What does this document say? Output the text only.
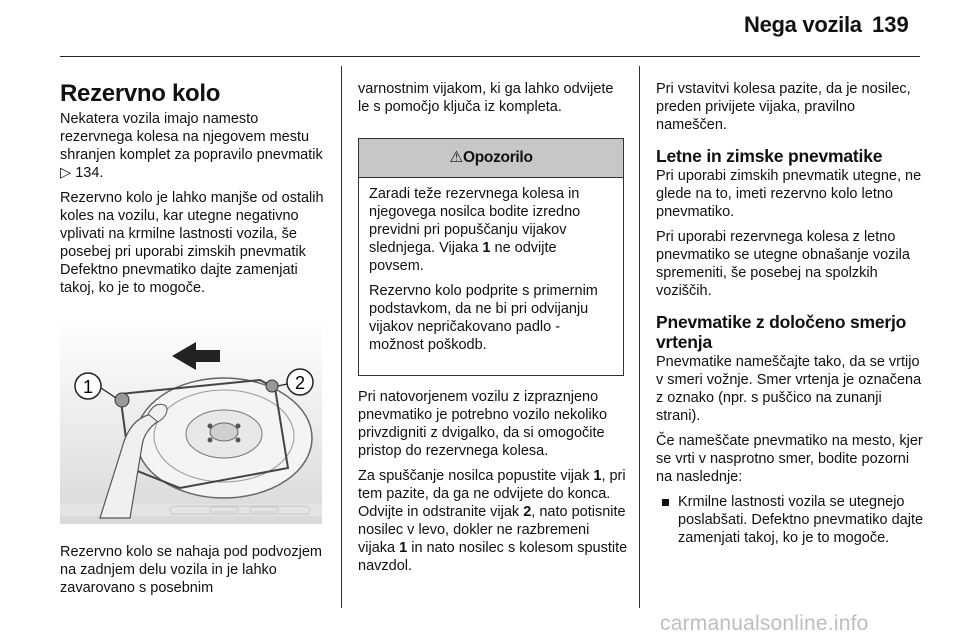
Nega vozila 139
Rezervno kolo

Nekatera vozila imajo namesto rezervnega kolesa na njegovem mestu shranjen komplet za popravilo pnevmatik ▷ 134.

Rezervno kolo je lahko manjše od ostalih koles na vozilu, kar utegne negativno vplivati na krmilne lastnosti vozila, še posebej pri uporabi zimskih pnevmatik Defektno pnevmatiko dajte zamenjati takoj, ko je to mogoče.

1	2

Rezervno kolo se nahaja pod podvozjem na zadnjem delu vozila in je lahko zavarovano s posebnim

varnostnim vijakom, ki ga lahko odvijete le s pomočjo ključa iz kompleta.

⚠Opozorilo

Zaradi teže rezervnega kolesa in njegovega nosilca bodite izredno previdni pri popuščanju vijakov slednjega. Vijaka 1 ne odvijte povsem.

Rezervno kolo podprite s primernim podstavkom, da ne bi pri odvijanju vijakov nepričakovano padlo - možnost poškodb.

Pri natovorjenem vozilu z izpraznjeno pnevmatiko je potrebno vozilo nekoliko privzdigniti z dvigalko, da si omogočite pristop do rezervnega kolesa.

Za spuščanje nosilca popustite vijak 1, pri tem pazite, da ga ne odvijete do konca. Odvijte in odstranite vijak 2, nato potisnite nosilec v levo, dokler ne razbremeni vijaka 1 in nato nosilec s kolesom spustite navzdol.

Pri vstavitvi kolesa pazite, da je nosilec, preden privijete vijaka, pravilno nameščen.

Letne in zimske pnevmatike

Pri uporabi zimskih pnevmatik utegne, ne glede na to, imeti rezervno kolo letno pnevmatiko.

Pri uporabi rezervnega kolesa z letno pnevmatiko se utegne obnašanje vozila spremeniti, še posebej na spolzkih voziščih.

Pnevmatike z določeno smerjo vrtenja

Pnevmatike nameščajte tako, da se vrtijo v smeri vožnje. Smer vrtenja je označena z oznako (npr. s puščico na zunanji strani).

Če nameščate pnevmatiko na mesto, kjer se vrti v nasprotno smer, bodite pozorni na naslednje:

Krmilne lastnosti vozila se utegnejo poslabšati. Defektno pnevmatiko dajte zamenjati takoj, ko je to mogoče.
carmanualsonline.info
